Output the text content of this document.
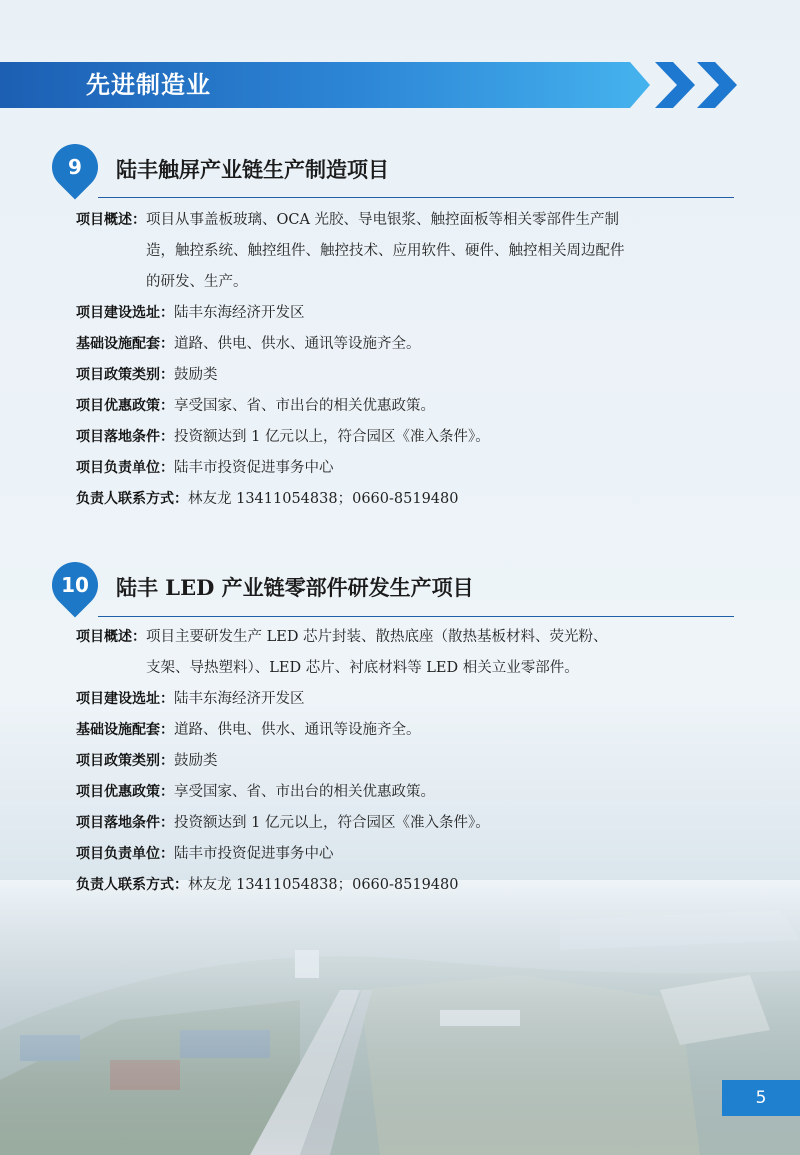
先进制造业
9	陆丰触屏产业链生产制造项目
项目概述： 项目从事盖板玻璃、OCA 光胶、导电银浆、触控面板等相关零部件生产制
造，触控系统、触控组件、触控技术、应用软件、硬件、触控相关周边配件
的研发、生产。
项目建设选址： 陆丰东海经济开发区
基础设施配套： 道路、供电、供水、通讯等设施齐全。
项目政策类别： 鼓励类
项目优惠政策： 享受国家、省、市出台的相关优惠政策。
项目落地条件： 投资额达到 1 亿元以上，符合园区《准入条件》。
项目负责单位： 陆丰市投资促进事务中心
负责人联系方式： 林友龙 13411054838；0660-8519480
10	陆丰 LED 产业链零部件研发生产项目
项目概述： 项目主要研发生产 LED 芯片封装、散热底座（散热基板材料、荧光粉、
支架、导热塑料）、LED 芯片、衬底材料等 LED 相关立业零部件。
项目建设选址： 陆丰东海经济开发区
基础设施配套： 道路、供电、供水、通讯等设施齐全。
项目政策类别： 鼓励类
项目优惠政策： 享受国家、省、市出台的相关优惠政策。
项目落地条件： 投资额达到 1 亿元以上，符合园区《准入条件》。
项目负责单位： 陆丰市投资促进事务中心
负责人联系方式： 林友龙 13411054838；0660-8519480
5
